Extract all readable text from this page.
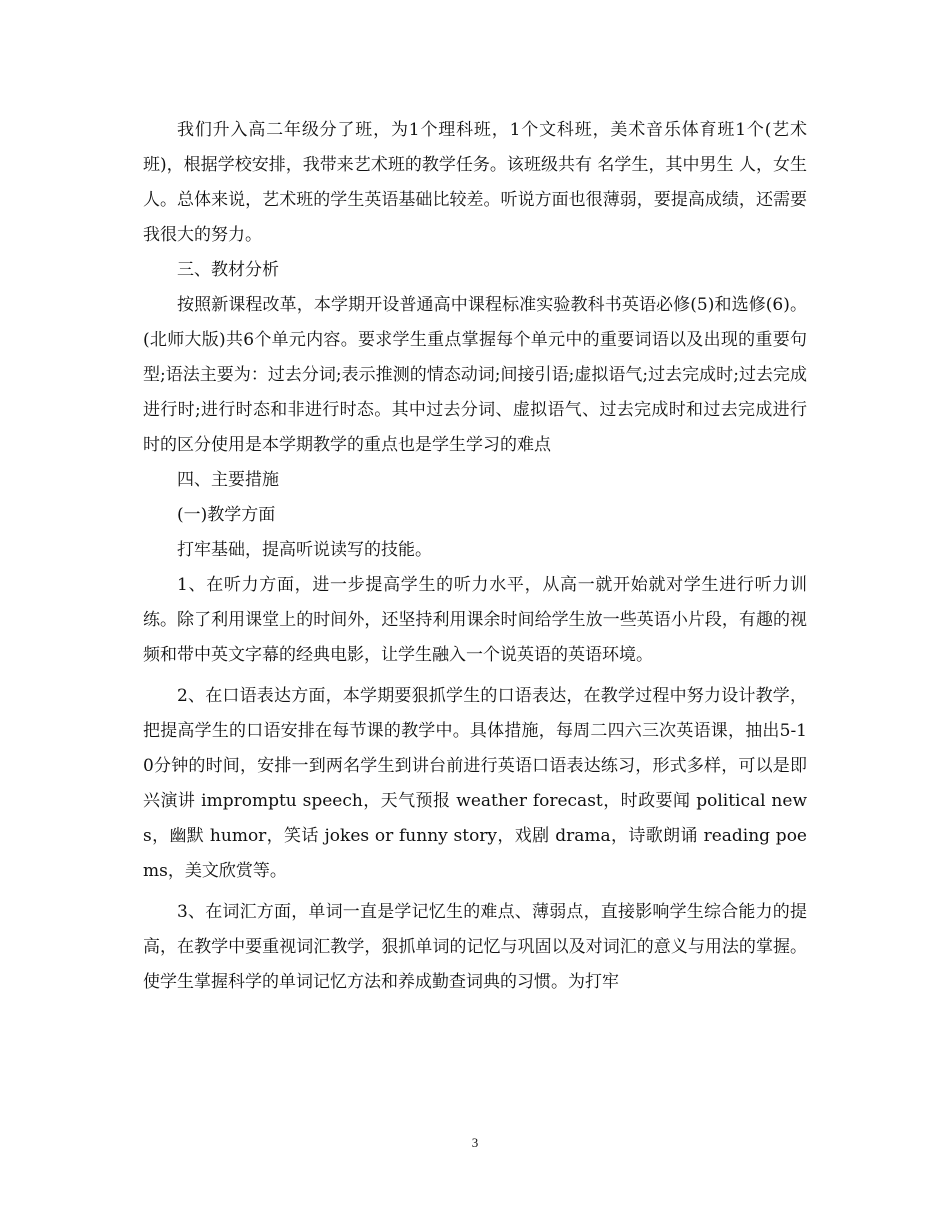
我们升入高二年级分了班，为1个理科班，1个文科班，美术音乐体育班1个(艺术班)，根据学校安排，我带来艺术班的教学任务。该班级共有 名学生，其中男生 人，女生 人。总体来说，艺术班的学生英语基础比较差。听说方面也很薄弱，要提高成绩，还需要我很大的努力。

三、教材分析

按照新课程改革，本学期开设普通高中课程标准实验教科书英语必修(5)和选修(6)。(北师大版)共6个单元内容。要求学生重点掌握每个单元中的重要词语以及出现的重要句型;语法主要为：过去分词;表示推测的情态动词;间接引语;虚拟语气;过去完成时;过去完成进行时;进行时态和非进行时态。其中过去分词、虚拟语气、过去完成时和过去完成进行时的区分使用是本学期教学的重点也是学生学习的难点

四、主要措施

(一)教学方面

打牢基础，提高听说读写的技能。

1、在听力方面，进一步提高学生的听力水平，从高一就开始就对学生进行听力训练。除了利用课堂上的时间外，还坚持利用课余时间给学生放一些英语小片段，有趣的视频和带中英文字幕的经典电影，让学生融入一个说英语的英语环境。

2、在口语表达方面，本学期要狠抓学生的口语表达，在教学过程中努力设计教学，把提高学生的口语安排在每节课的教学中。具体措施，每周二四六三次英语课，抽出5-10分钟的时间，安排一到两名学生到讲台前进行英语口语表达练习，形式多样，可以是即兴演讲 impromptu speech，天气预报 weather forecast，时政要闻 political news，幽默 humor，笑话 jokes or funny story，戏剧 drama，诗歌朗诵 reading poems，美文欣赏等。

3、在词汇方面，单词一直是学记忆生的难点、薄弱点，直接影响学生综合能力的提高，在教学中要重视词汇教学，狠抓单词的记忆与巩固以及对词汇的意义与用法的掌握。使学生掌握科学的单词记忆方法和养成勤查词典的习惯。为打牢

3
